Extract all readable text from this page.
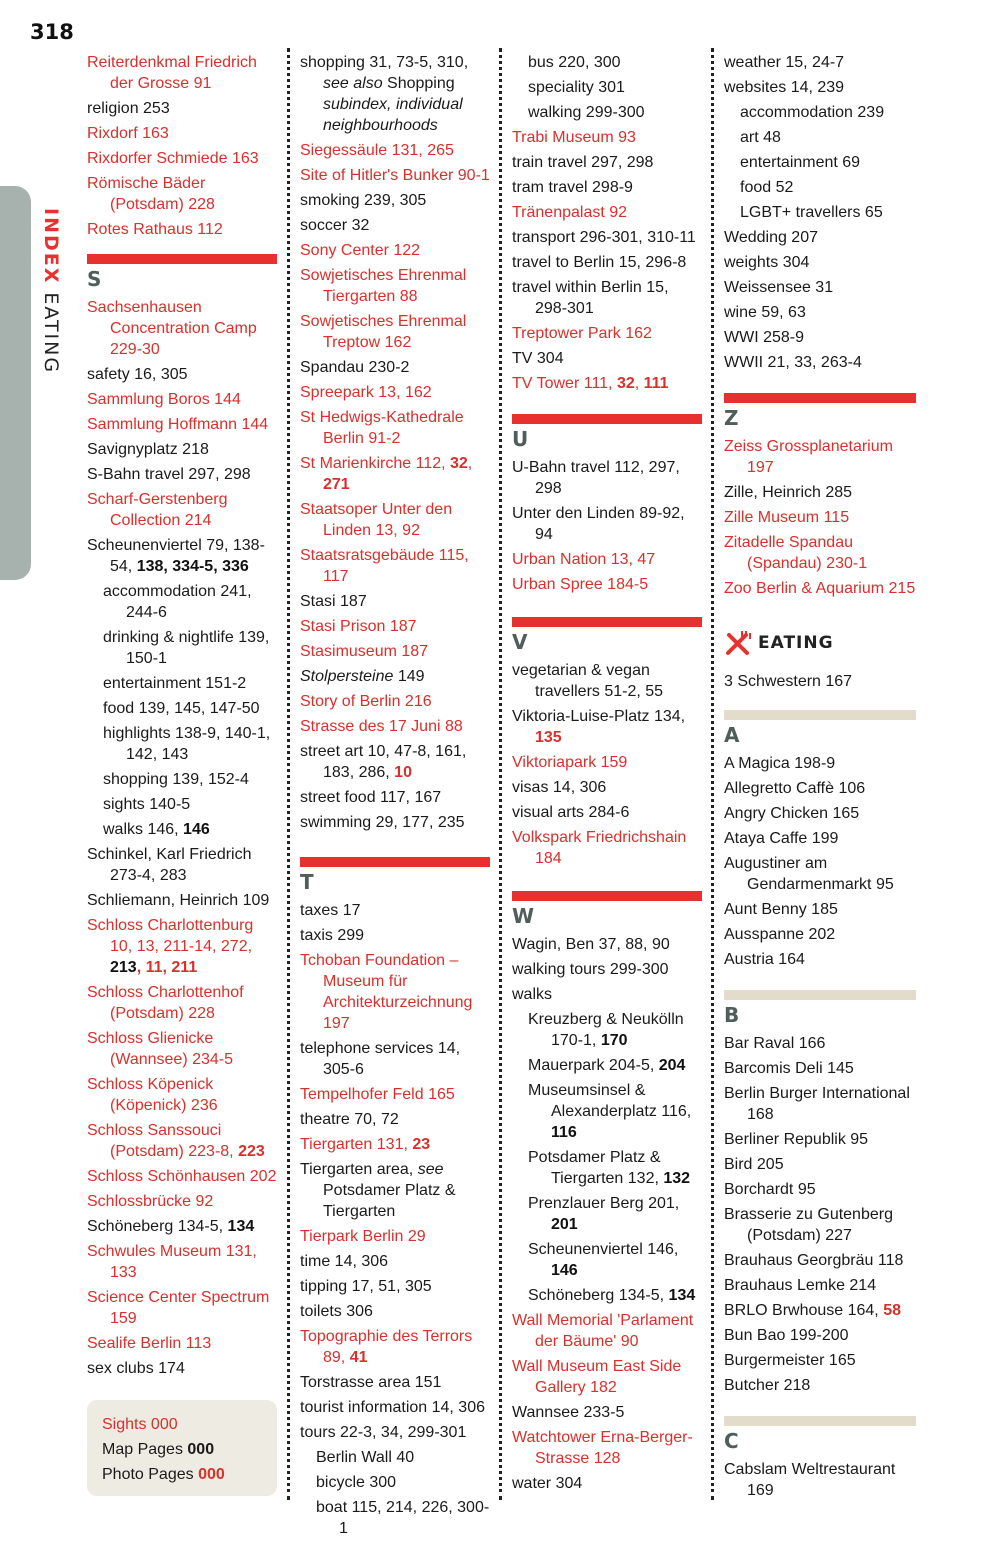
318
INDEX EATING
Reiterdenkmal Friedrich der Grosse 91
religion 253
Rixdorf 163
Rixdorfer Schmiede 163
Römische Bäder (Potsdam) 228
Rotes Rathaus 112
S
Sachsenhausen Concentration Camp 229-30
safety 16, 305
Sammlung Boros 144
Sammlung Hoffmann 144
Savignyplatz 218
S-Bahn travel 297, 298
Scharf-Gerstenberg Collection 214
Scheunenviertel 79, 138-54, 138, 334-5, 336
accommodation 241, 244-6
drinking & nightlife 139, 150-1
entertainment 151-2
food 139, 145, 147-50
highlights 138-9, 140-1, 142, 143
shopping 139, 152-4
sights 140-5
walks 146, 146
Schinkel, Karl Friedrich 273-4, 283
Schliemann, Heinrich 109
Schloss Charlottenburg 10, 13, 211-14, 272, 213, 11, 211
Schloss Charlottenhof (Potsdam) 228
Schloss Glienicke (Wannsee) 234-5
Schloss Köpenick (Köpenick) 236
Schloss Sanssouci (Potsdam) 223-8, 223
Schloss Schönhausen 202
Schlossbrücke 92
Schöneberg 134-5, 134
Schwules Museum 131, 133
Science Center Spectrum 159
Sealife Berlin 113
sex clubs 174
Sights 000
Map Pages 000
Photo Pages 000
shopping 31, 73-5, 310, see also Shopping subindex, individual neighbourhoods
Siegessäule 131, 265
Site of Hitler's Bunker 90-1
smoking 239, 305
soccer 32
Sony Center 122
Sowjetisches Ehrenmal Tiergarten 88
Sowjetisches Ehrenmal Treptow 162
Spandau 230-2
Spreepark 13, 162
St Hedwigs-Kathedrale Berlin 91-2
St Marienkirche 112, 32, 271
Staatsoper Unter den Linden 13, 92
Staatsratsgebäude 115, 117
Stasi 187
Stasi Prison 187
Stasimuseum 187
Stolpersteine 149
Story of Berlin 216
Strasse des 17 Juni 88
street art 10, 47-8, 161, 183, 286, 10
street food 117, 167
swimming 29, 177, 235
T
taxes 17
taxis 299
Tchoban Foundation – Museum für Architekturzeichnung 197
telephone services 14, 305-6
Tempelhofer Feld 165
theatre 70, 72
Tiergarten 131, 23
Tiergarten area, see Potsdamer Platz & Tiergarten
Tierpark Berlin 29
time 14, 306
tipping 17, 51, 305
toilets 306
Topographie des Terrors 89, 41
Torstrasse area 151
tourist information 14, 306
tours 22-3, 34, 299-301
Berlin Wall 40
bicycle 300
boat 115, 214, 226, 300-1
bus 220, 300
speciality 301
walking 299-300
Trabi Museum 93
train travel 297, 298
tram travel 298-9
Tränenpalast 92
transport 296-301, 310-11
travel to Berlin 15, 296-8
travel within Berlin 15, 298-301
Treptower Park 162
TV 304
TV Tower 111, 32, 111
U
U-Bahn travel 112, 297, 298
Unter den Linden 89-92, 94
Urban Nation 13, 47
Urban Spree 184-5
V
vegetarian & vegan travellers 51-2, 55
Viktoria-Luise-Platz 134, 135
Viktoriapark 159
visas 14, 306
visual arts 284-6
Volkspark Friedrichshain 184
W
Wagin, Ben 37, 88, 90
walking tours 299-300
walks
Kreuzberg & Neukölln 170-1, 170
Mauerpark 204-5, 204
Museumsinsel & Alexanderplatz 116, 116
Potsdamer Platz & Tiergarten 132, 132
Prenzlauer Berg 201, 201
Scheunenviertel 146, 146
Schöneberg 134-5, 134
Wall Memorial 'Parlament der Bäume' 90
Wall Museum East Side Gallery 182
Wannsee 233-5
Watchtower Erna-Berger-Strasse 128
water 304
weather 15, 24-7
websites 14, 239
accommodation 239
art 48
entertainment 69
food 52
LGBT+ travellers 65
Wedding 207
weights 304
Weissensee 31
wine 59, 63
WWI 258-9
WWII 21, 33, 263-4
Z
Zeiss Grossplanetarium 197
Zille, Heinrich 285
Zille Museum 115
Zitadelle Spandau (Spandau) 230-1
Zoo Berlin & Aquarium 215
EATING
3 Schwestern 167
A
A Magica 198-9
Allegretto Caffè 106
Angry Chicken 165
Ataya Caffe 199
Augustiner am Gendarmenmarkt 95
Aunt Benny 185
Ausspanne 202
Austria 164
B
Bar Raval 166
Barcomis Deli 145
Berlin Burger International 168
Berliner Republik 95
Bird 205
Borchardt 95
Brasserie zu Gutenberg (Potsdam) 227
Brauhaus Georgbräu 118
Brauhaus Lemke 214
BRLO Brwhouse 164, 58
Bun Bao 199-200
Burgermeister 165
Butcher 218
C
Cabslam Weltrestaurant 169
